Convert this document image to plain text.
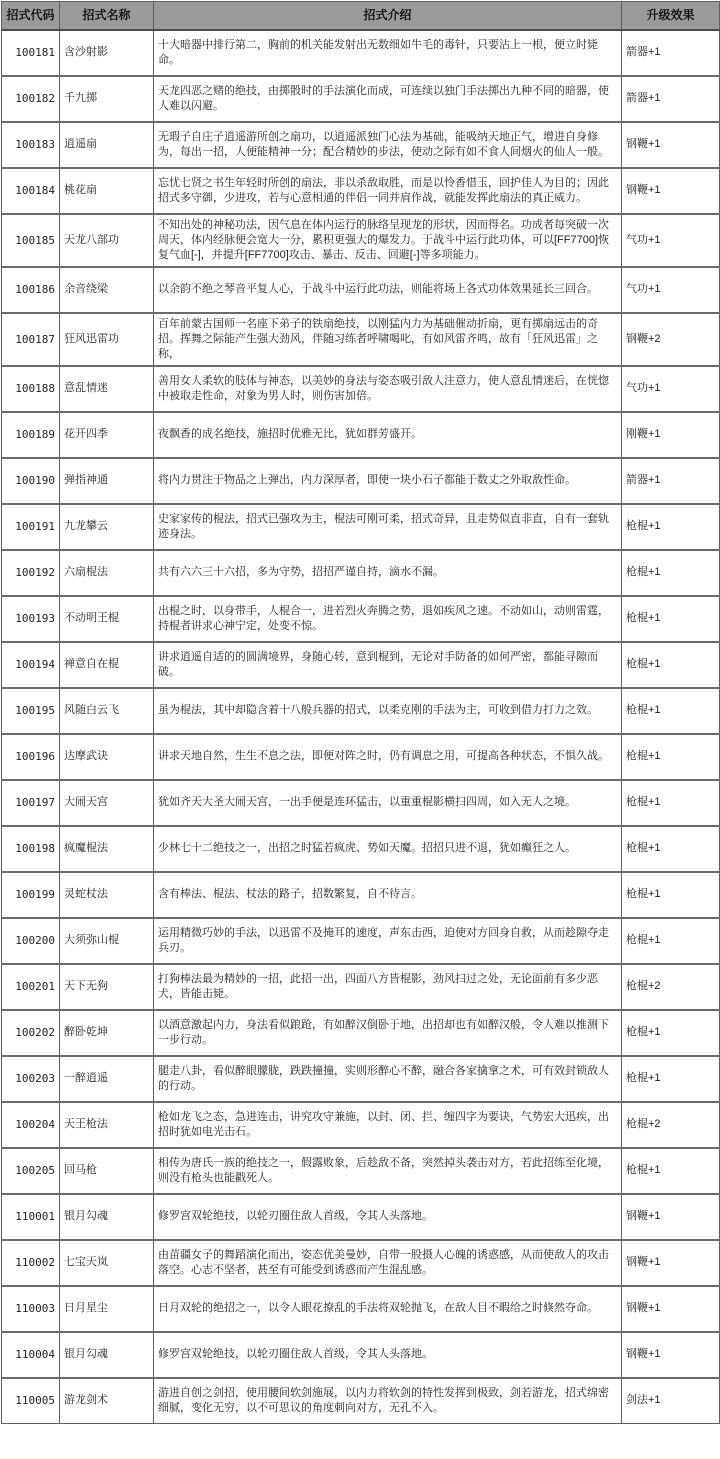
招式代码	招式名称	招式介绍	升级效果
100181	含沙射影	十大暗器中排行第二，胸前的机关能发射出无数细如牛毛的毒针，只要沾上一根，便立时毙命。	箭器+1
100182	千九掷	天龙四恶之赌的绝技，由掷骰时的手法演化而成，可连续以独门手法掷出九种不同的暗器，使人难以闪避。	箭器+1
100183	逍遥扇	无瑕子自庄子逍遥游所创之扇功，以逍遥派独门心法为基础，能吸纳天地正气，增进自身修为，每出一招，人便能精神一分；配合精妙的步法，使动之际有如不食人间烟火的仙人一般。	钢鞭+1
100184	桃花扇	忘忧七贤之书生年轻时所创的扇法，非以杀敌取胜，而是以怜香惜玉，回护佳人为目的；因此招式多守御，少进攻，若与心意相通的伴侣一同并肩作战，就能发挥此扇法的真正威力。	钢鞭+1
100185	天龙八部功	不知出处的神秘功法，因气息在体内运行的脉络呈现龙的形状，因而得名。功成者每突破一次周天，体内经脉便会宽大一分，累积更强大的爆发力。于战斗中运行此功体，可以[FF7700]恢复气血[-]，并提升[FF7700]攻击、暴击、反击、回避[-]等多项能力。	气功+1
100186	余音绕梁	以余韵不绝之琴音平复人心，于战斗中运行此功法，则能将场上各式功体效果延长三回合。	气功+1
100187	狂风迅雷功	百年前蒙古国师一名座下弟子的铁扇绝技，以刚猛内力为基础催动折扇，更有掷扇远击的奇招。挥舞之际能产生强大劲风，伴随习练者呼啸喝叱，有如风雷齐鸣，故有「狂风迅雷」之称，	钢鞭+2
100188	意乱情迷	善用女人柔软的肢体与神态，以美妙的身法与姿态吸引敌人注意力，使人意乱情迷后，在恍惚中被取走性命，对象为男人时，则伤害加倍。	气功+1
100189	花开四季	夜飘香的成名绝技，施招时优雅无比，犹如群芳盛开。	刚鞭+1
100190	弹指神通	将内力贯注于物品之上弹出，内力深厚者，即使一块小石子都能于数丈之外取敌性命。	箭器+1
100191	九龙攀云	史家家传的棍法，招式已强攻为主，棍法可刚可柔，招式奇异，且走势似直非直，自有一套轨迹身法。	枪棍+1
100192	六扇棍法	共有六六三十六招，多为守势，招招严谨自持，滴水不漏。	枪棍+1
100193	不动明王棍	出棍之时，以身带手，人棍合一，进若烈火奔腾之势，退如疾风之速。不动如山，动则雷霆，持棍者讲求心神宁定，处变不惊。	枪棍+1
100194	禅意自在棍	讲求逍遥自适的的圆满境界，身随心转，意到棍到，无论对手防备的如何严密，都能寻隙而破。	枪棍+1
100195	风随白云飞	虽为棍法，其中却隐含着十八般兵器的招式，以柔克刚的手法为主，可收到借力打力之效。	枪棍+1
100196	达摩武诀	讲求天地自然，生生不息之法，即便对阵之时，仍有调息之用，可提高各种状态，不惧久战。	枪棍+1
100197	大闹天宫	犹如齐天大圣大闹天宫，一出手便是连环猛击，以重重棍影横扫四周，如入无人之境。	枪棍+1
100198	疯魔棍法	少林七十二绝技之一，出招之时猛若疯虎、势如天魔。招招只进不退，犹如癫狂之人。	枪棍+1
100199	灵蛇杖法	含有棒法、棍法、杖法的路子，招数繁复，自不待言。	枪棍+1
100200	大须弥山棍	运用精微巧妙的手法，以迅雷不及掩耳的速度，声东击西，迫使对方回身自救，从而趁隙夺走兵刃。	枪棍+1
100201	天下无狗	打狗棒法最为精妙的一招，此招一出，四面八方皆棍影，劲风扫过之处，无论面前有多少恶犬，皆能击毙。	枪棍+2
100202	醉卧乾坤	以酒意激起内力，身法看似踉跄，有如醉汉倒卧于地，出招却也有如醉汉般，令人难以推测下一步行动。	枪棍+1
100203	一醉逍遥	腿走八卦，看似醉眼朦胧，跌跌撞撞，实则形醉心不醉，融合各家擒拿之术，可有效封锁敌人的行动。	枪棍+1
100204	天王枪法	枪如龙飞之态，急进连击，讲究攻守兼施，以封、闭、拦、缠四字为要诀，气势宏大迅疾，出招时犹如电光击石。	枪棍+2
100205	回马枪	相传为唐氏一族的绝技之一，假露败象，后趁敌不备，突然掉头袭击对方，若此招练至化境，则没有枪头也能戳死人。	枪棍+1
110001	银月勾魂	修罗宫双轮绝技，以轮刃圈住敌人首级，令其人头落地。	钢鞭+1
110002	七宝天岚	由苗疆女子的舞蹈演化而出，姿态优美曼妙，自带一股摄人心魄的诱惑感，从而使敌人的攻击落空。心志不坚者，甚至有可能受到诱惑而产生混乱感。	钢鞭+1
110003	日月星尘	日月双轮的绝招之一，以令人眼花撩乱的手法将双轮抛飞，在敌人目不暇给之时倏然夺命。	钢鞭+1
110004	银月勾魂	修罗宫双轮绝技，以轮刃圈住敌人首级，令其人头落地。	钢鞭+1
110005	游龙剑术	游进自创之剑招，使用腰间软剑施展，以内力将软剑的特性发挥到极致，剑若游龙，招式绵密细腻，变化无穷，以不可思议的角度刺向对方，无孔不入。	剑法+1
